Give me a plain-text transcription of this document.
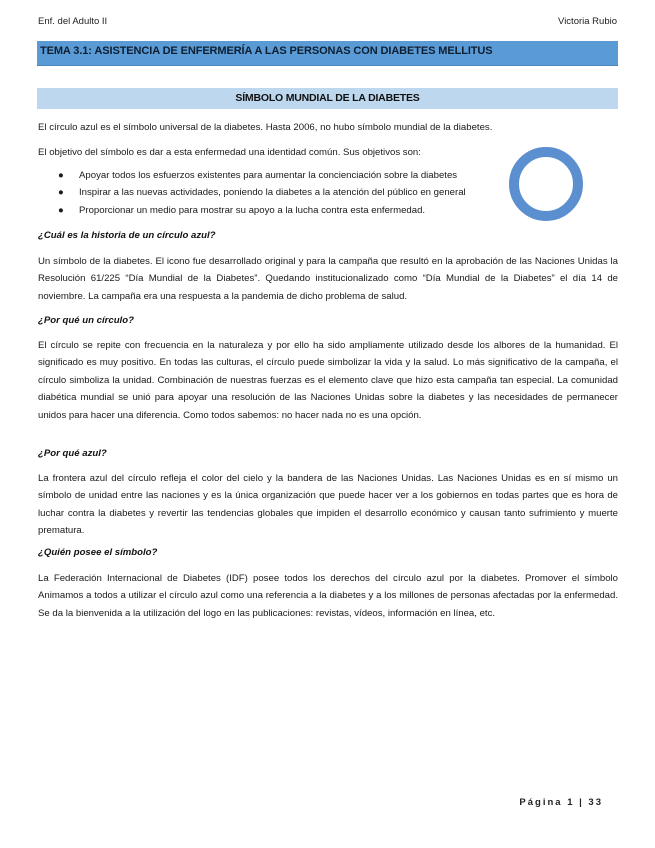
Enf. del Adulto II	Victoria Rubio
TEMA 3.1: ASISTENCIA DE ENFERMERÍA A LAS PERSONAS CON DIABETES MELLITUS
SÍMBOLO MUNDIAL DE LA DIABETES

El círculo azul es el símbolo universal de la diabetes. Hasta 2006, no hubo símbolo mundial de la diabetes.

El objetivo del símbolo es dar a esta enfermedad una identidad común. Sus objetivos son:

● Apoyar todos los esfuerzos existentes para aumentar la concienciación sobre la diabetes
● Inspirar a las nuevas actividades, poniendo la diabetes a la atención del público en general
● Proporcionar un medio para mostrar su apoyo a la lucha contra esta enfermedad.
¿Cuál es la historia de un círculo azul?

Un símbolo de la diabetes. El icono fue desarrollado original y para la campaña que resultó en la aprobación de las Naciones Unidas la Resolución 61/225 “Día Mundial de la Diabetes”. Quedando institucionalizado como “Día Mundial de la Diabetes” el día 14 de noviembre. La campaña era una respuesta a la pandemia de dicho problema de salud.

¿Por qué un círculo?

El círculo se repite con frecuencia en la naturaleza y por ello ha sido ampliamente utilizado desde los albores de la humanidad. El significado es muy positivo. En todas las culturas, el círculo puede simbolizar la vida y la salud. Lo más significativo de la campaña, el círculo simboliza la unidad. Combinación de nuestras fuerzas es el elemento clave que hizo esta campaña tan especial. La comunidad diabética mundial se unió para apoyar una resolución de las Naciones Unidas sobre la diabetes y las necesidades de permanecer unidos para hacer una diferencia. Como todos sabemos: no hacer nada no es una opción.

¿Por qué azul?

La frontera azul del círculo refleja el color del cielo y la bandera de las Naciones Unidas. Las Naciones Unidas es en sí mismo un símbolo de unidad entre las naciones y es la única organización que puede hacer ver a los gobiernos en todas partes que es hora de luchar contra la diabetes y revertir las tendencias globales que impiden el desarrollo económico y causan tanto sufrimiento y muerte prematura.

¿Quién posee el símbolo?

La Federación Internacional de Diabetes (IDF) posee todos los derechos del círculo azul por la diabetes. Promover el símbolo Animamos a todos a utilizar el círculo azul como una referencia a la diabetes y a los millones de personas afectadas por la enfermedad. Se da la bienvenida a la utilización del logo en las publicaciones: revistas, vídeos, información en línea, etc.

Página 1 | 33
